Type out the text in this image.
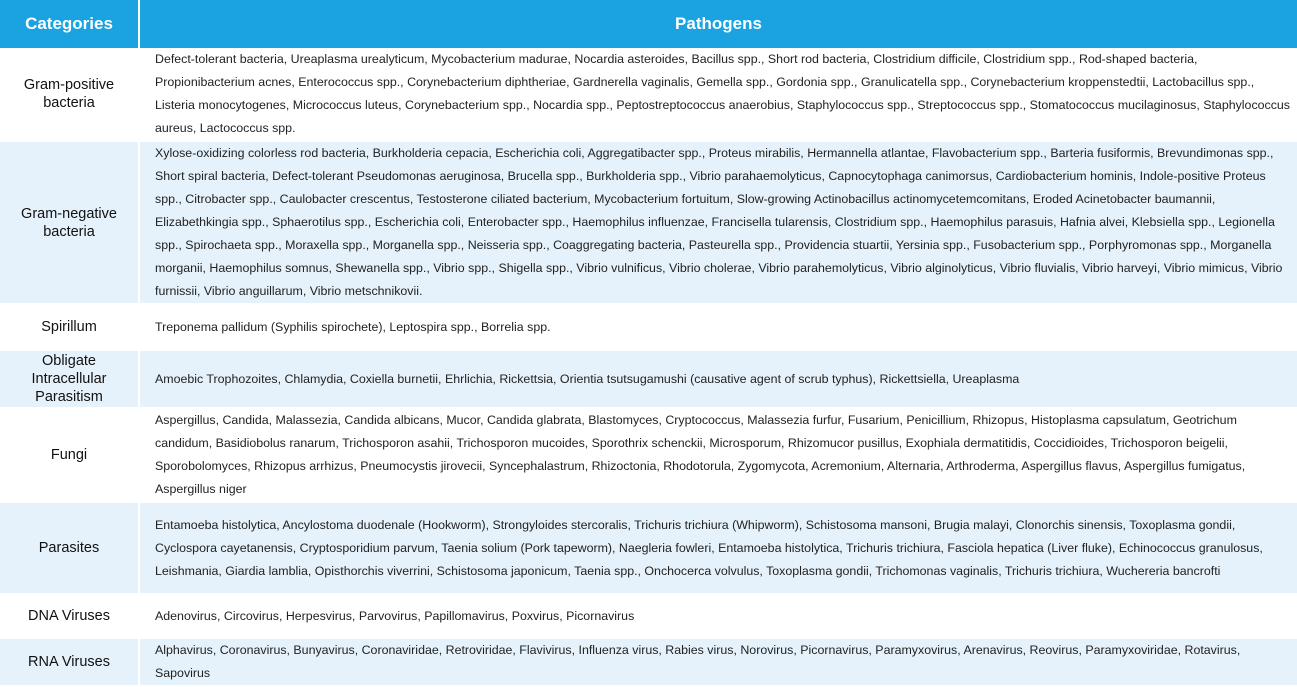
Categories	Pathogens
Gram-positive bacteria	Defect-tolerant bacteria, Ureaplasma urealyticum, Mycobacterium madurae, Nocardia asteroides, Bacillus spp., Short rod bacteria, Clostridium difficile, Clostridium spp., Rod-shaped bacteria, Propionibacterium acnes, Enterococcus spp., Corynebacterium diphtheriae, Gardnerella vaginalis, Gemella spp., Gordonia spp., Granulicatella spp., Corynebacterium kroppenstedtii, Lactobacillus spp., Listeria monocytogenes, Micrococcus luteus, Corynebacterium spp., Nocardia spp., Peptostreptococcus anaerobius, Staphylococcus spp., Streptococcus spp., Stomatococcus mucilaginosus, Staphylococcus aureus, Lactococcus spp.
Gram-negative bacteria	Xylose-oxidizing colorless rod bacteria, Burkholderia cepacia, Escherichia coli, Aggregatibacter spp., Proteus mirabilis, Hermannella atlantae, Flavobacterium spp., Barteria fusiformis, Brevundimonas spp., Short spiral bacteria, Defect-tolerant Pseudomonas aeruginosa, Brucella spp., Burkholderia spp., Vibrio parahaemolyticus, Capnocytophaga canimorsus, Cardiobacterium hominis, Indole-positive Proteus spp., Citrobacter spp., Caulobacter crescentus, Testosterone ciliated bacterium, Mycobacterium fortuitum, Slow-growing Actinobacillus actinomycetemcomitans, Eroded Acinetobacter baumannii, Elizabethkingia spp., Sphaerotilus spp., Escherichia coli, Enterobacter spp., Haemophilus influenzae, Francisella tularensis, Clostridium spp., Haemophilus parasuis, Hafnia alvei, Klebsiella spp., Legionella spp., Spirochaeta spp., Moraxella spp., Morganella spp., Neisseria spp., Coaggregating bacteria, Pasteurella spp., Providencia stuartii, Yersinia spp., Fusobacterium spp., Porphyromonas spp., Morganella morganii, Haemophilus somnus, Shewanella spp., Vibrio spp., Shigella spp., Vibrio vulnificus, Vibrio cholerae, Vibrio parahemolyticus, Vibrio alginolyticus, Vibrio fluvialis, Vibrio harveyi, Vibrio mimicus, Vibrio furnissii, Vibrio anguillarum, Vibrio metschnikovii.
Spirillum	Treponema pallidum (Syphilis spirochete), Leptospira spp., Borrelia spp.
Obligate Intracellular Parasitism	Amoebic Trophozoites, Chlamydia, Coxiella burnetii, Ehrlichia, Rickettsia, Orientia tsutsugamushi (causative agent of scrub typhus), Rickettsiella, Ureaplasma
Fungi	Aspergillus, Candida, Malassezia, Candida albicans, Mucor, Candida glabrata, Blastomyces, Cryptococcus, Malassezia furfur, Fusarium, Penicillium, Rhizopus, Histoplasma capsulatum, Geotrichum candidum, Basidiobolus ranarum, Trichosporon asahii, Trichosporon mucoides, Sporothrix schenckii, Microsporum, Rhizomucor pusillus, Exophiala dermatitidis, Coccidioides, Trichosporon beigelii, Sporobolomyces, Rhizopus arrhizus, Pneumocystis jirovecii, Syncephalastrum, Rhizoctonia, Rhodotorula, Zygomycota, Acremonium, Alternaria, Arthroderma, Aspergillus flavus, Aspergillus fumigatus, Aspergillus niger
Parasites	Entamoeba histolytica, Ancylostoma duodenale (Hookworm), Strongyloides stercoralis, Trichuris trichiura (Whipworm), Schistosoma mansoni, Brugia malayi, Clonorchis sinensis, Toxoplasma gondii, Cyclospora cayetanensis, Cryptosporidium parvum, Taenia solium (Pork tapeworm), Naegleria fowleri, Entamoeba histolytica, Trichuris trichiura, Fasciola hepatica (Liver fluke), Echinococcus granulosus, Leishmania, Giardia lamblia, Opisthorchis viverrini, Schistosoma japonicum, Taenia spp., Onchocerca volvulus, Toxoplasma gondii, Trichomonas vaginalis, Trichuris trichiura, Wuchereria bancrofti
DNA Viruses	Adenovirus, Circovirus, Herpesvirus, Parvovirus, Papillomavirus, Poxvirus, Picornavirus
RNA Viruses	Alphavirus, Coronavirus, Bunyavirus, Coronaviridae, Retroviridae, Flavivirus, Influenza virus, Rabies virus, Norovirus, Picornavirus, Paramyxovirus, Arenavirus, Reovirus, Paramyxoviridae, Rotavirus, Sapovirus
